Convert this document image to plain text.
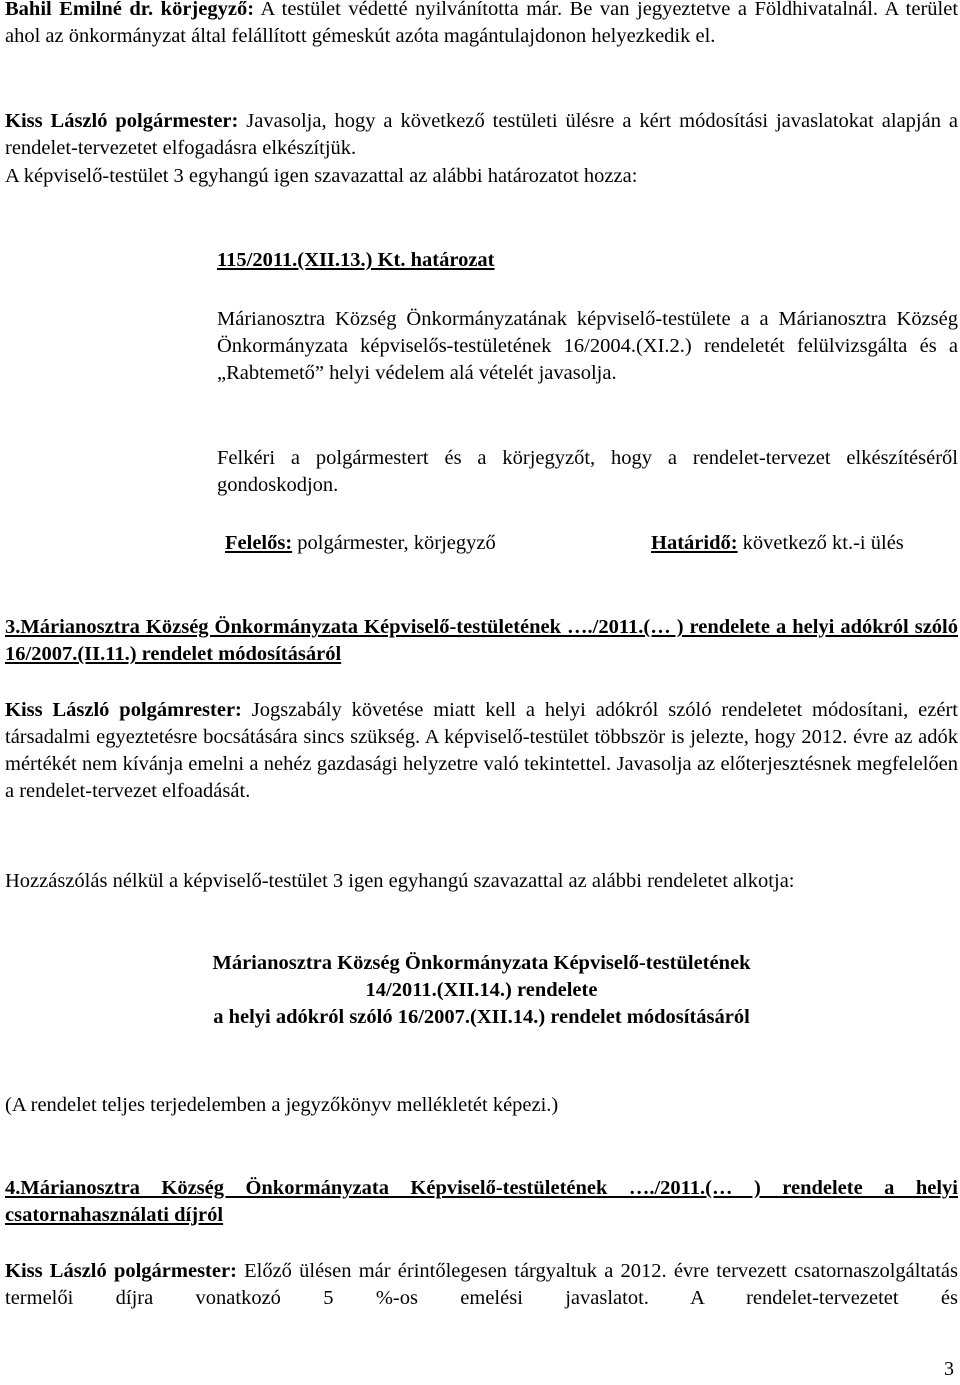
Bahil Emilné dr. körjegyző: A testület védetté nyilvánította már. Be van jegyeztetve a Földhivatalnál. A terület ahol az önkormányzat által felállított gémeskút azóta magántulajdonon helyezkedik el.

Kiss László polgármester: Javasolja, hogy a következő testületi ülésre a kért módosítási javaslatokat alapján a rendelet-tervezetet elfogadásra elkészítjük.

A képviselő-testület 3 egyhangú igen szavazattal az alábbi határozatot hozza:

115/2011.(XII.13.) Kt. határozat

Márianosztra Község Önkormányzatának képviselő-testülete a a Márianosztra Község Önkormányzata képviselős-testületének 16/2004.(XI.2.) rendeletét felülvizsgálta és a „Rabtemető” helyi védelem alá vételét javasolja.

Felkéri a polgármestert és a körjegyzőt, hogy a rendelet-tervezet elkészítéséről gondoskodjon.

Felelős:
polgármester, körjegyző	Határidő:
következő kt.-i ülés

3.Márianosztra Község Önkormányzata Képviselő-testületének …./2011.(… ) rendelete a helyi adókról szóló 16/2007.(II.11.) rendelet módosításáról

Kiss László polgámrester: Jogszabály követése miatt kell a helyi adókról szóló rendeletet módosítani, ezért társadalmi egyeztetésre bocsátására sincs szükség. A képviselő-testület többször is jelezte, hogy 2012. évre az adók mértékét nem kívánja emelni a nehéz gazdasági helyzetre való tekintettel. Javasolja az előterjesztésnek megfelelően a rendelet-tervezet elfoadását.

Hozzászólás nélkül a képviselő-testület 3 igen egyhangú szavazattal az alábbi rendeletet alkotja:

Márianosztra Község Önkormányzata Képviselő-testületének
14/2011.(XII.14.) rendelete
a helyi adókról szóló 16/2007.(XII.14.) rendelet módosításáról

(A rendelet teljes terjedelemben a jegyzőkönyv mellékletét képezi.)

4.Márianosztra Község Önkormányzata Képviselő-testületének …./2011.(… ) rendelete a helyi csatornahasználati díjról

Kiss László polgármester: Előző ülésen már érintőlegesen tárgyaltuk a 2012. évre tervezett csatornaszolgáltatás termelői díjra vonatkozó 5 %-os emelési javaslatot. A rendelet-tervezetet és

3
